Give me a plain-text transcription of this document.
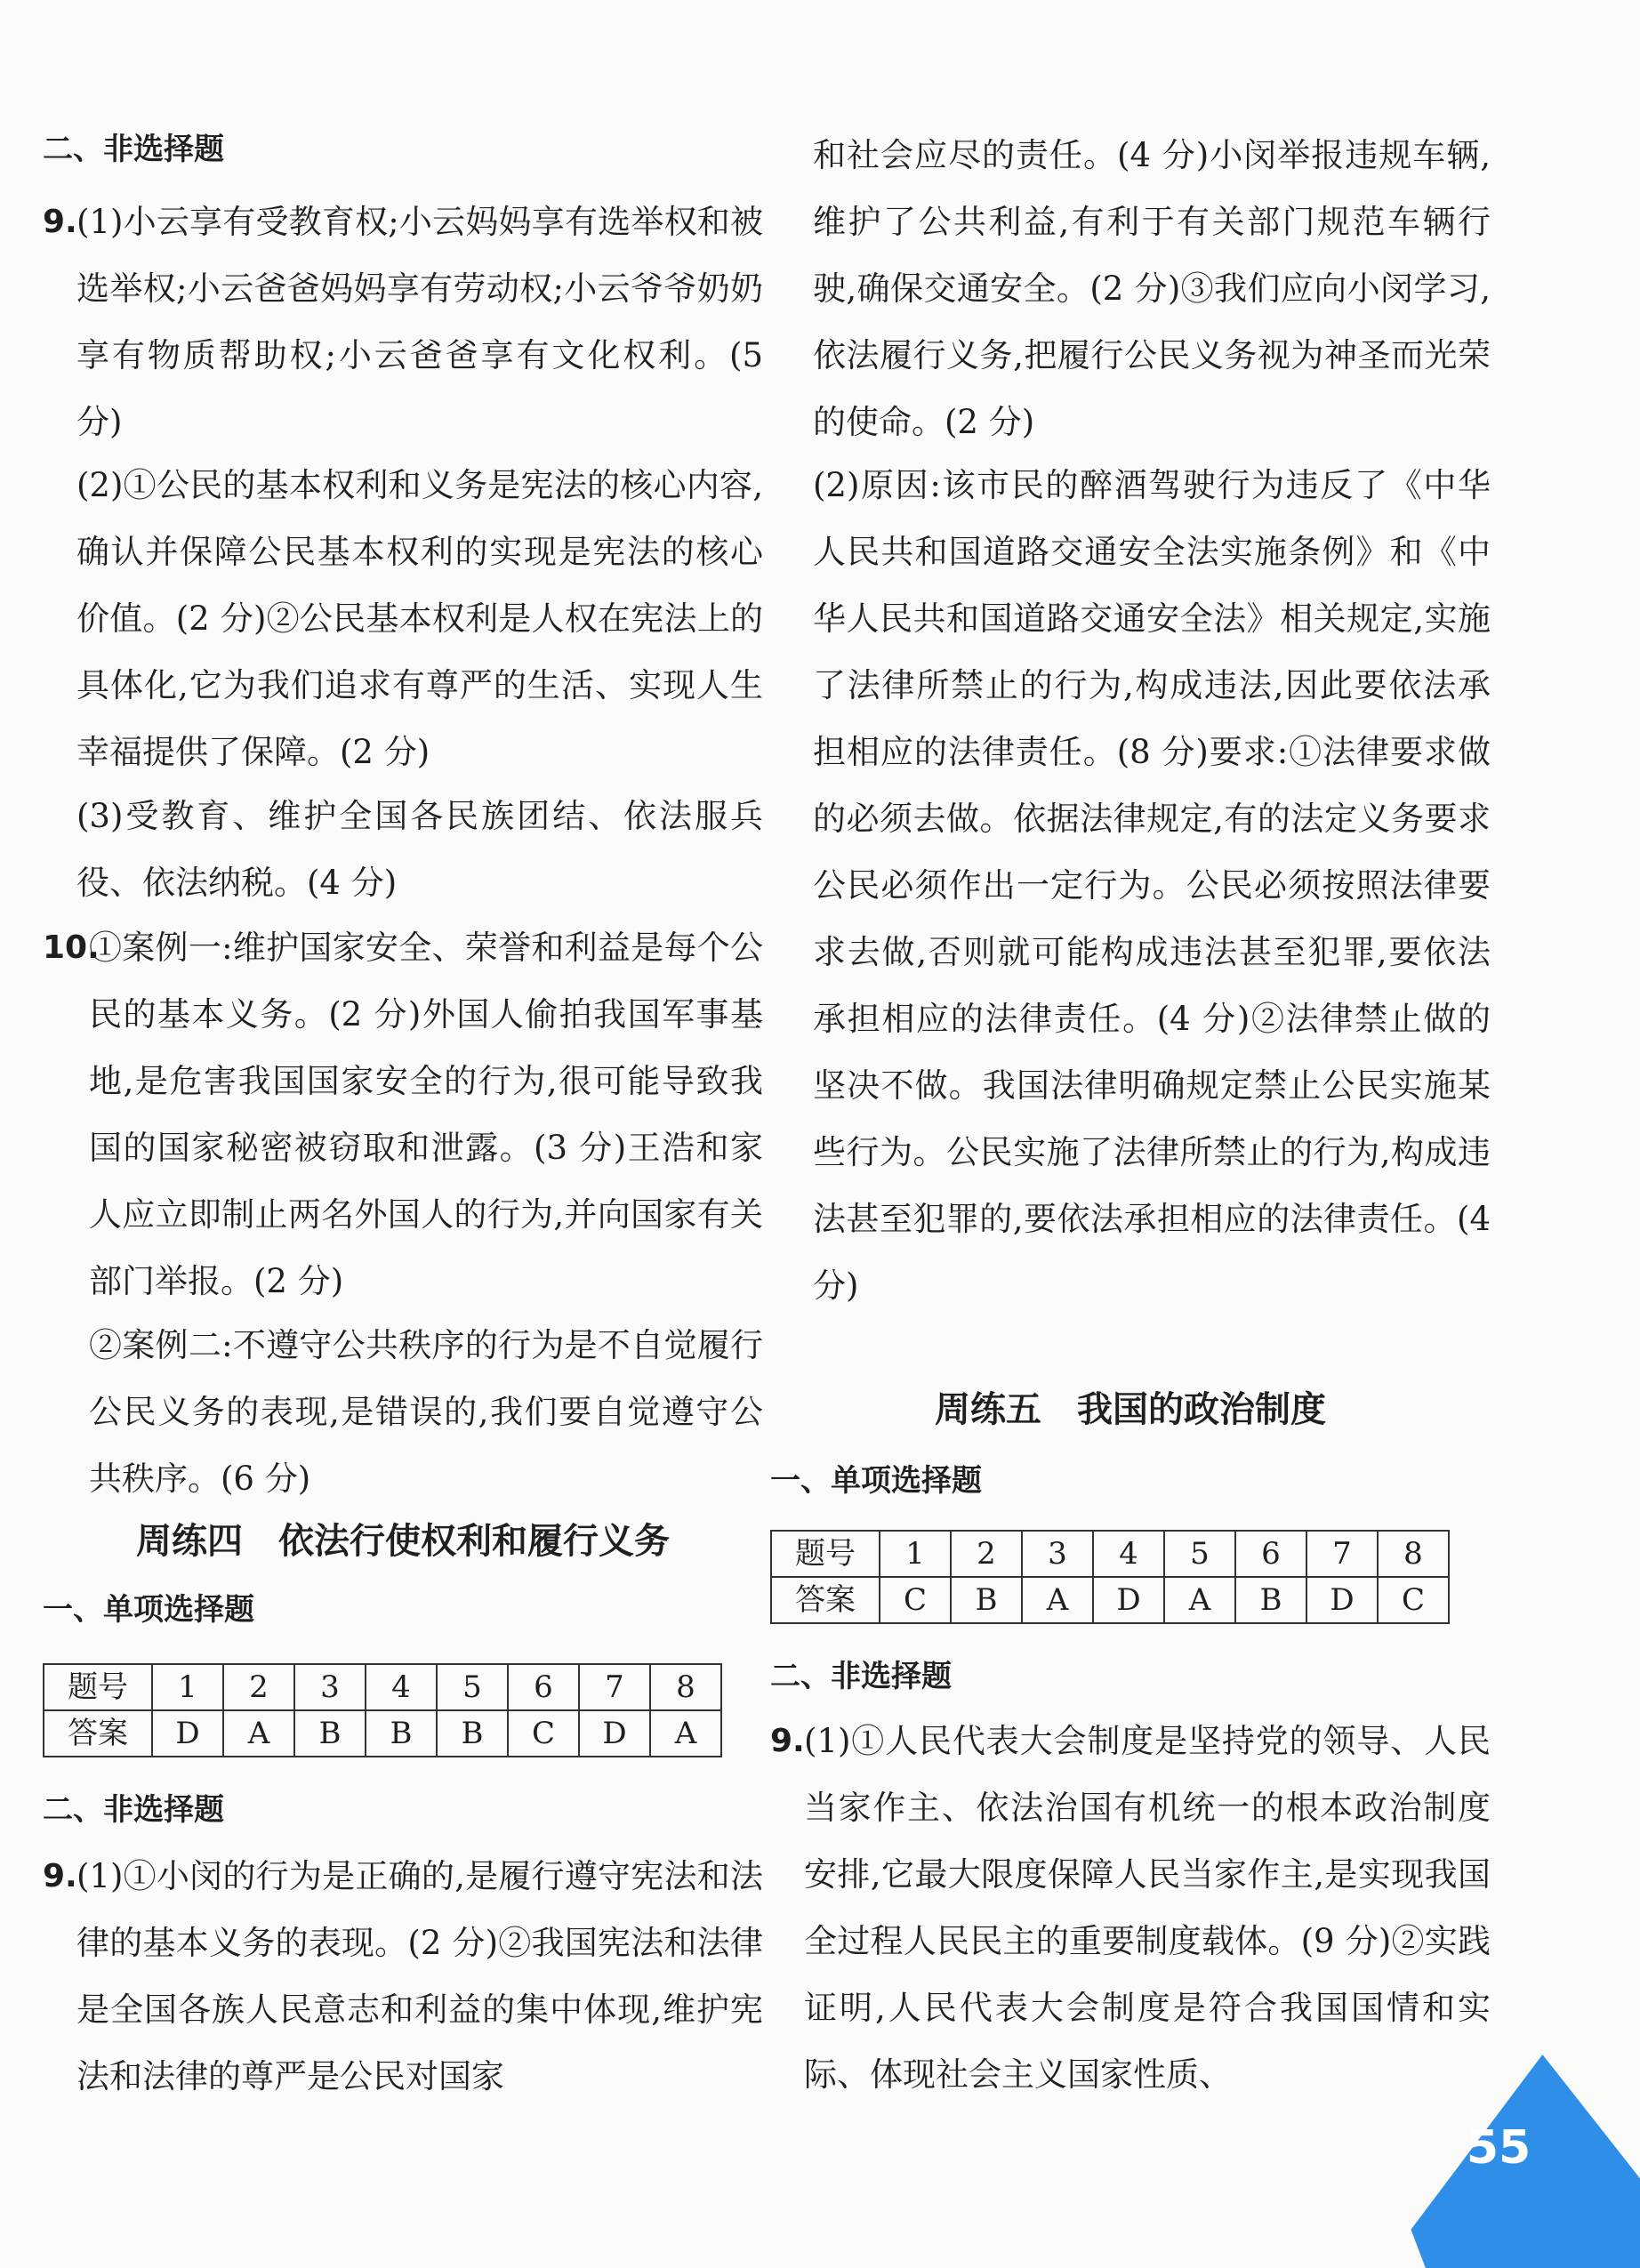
二、非选择题
9. (1)小云享有受教育权;小云妈妈享有选举权和被选举权;小云爸爸妈妈享有劳动权;小云爷爷奶奶享有物质帮助权;小云爸爸享有文化权利。(5 分)
(2)①公民的基本权利和义务是宪法的核心内容,确认并保障公民基本权利的实现是宪法的核心价值。(2 分)②公民基本权利是人权在宪法上的具体化,它为我们追求有尊严的生活、实现人生幸福提供了保障。(2 分)
(3)受教育、维护全国各民族团结、依法服兵役、依法纳税。(4 分)
10.
①案例一:维护国家安全、荣誉和利益是每个公民的基本义务。(2 分)外国人偷拍我国军事基地,是危害我国国家安全的行为,很可能导致我国的国家秘密被窃取和泄露。(3 分)王浩和家人应立即制止两名外国人的行为,并向国家有关部门举报。(2 分)
②案例二:不遵守公共秩序的行为是不自觉履行公民义务的表现,是错误的,我们要自觉遵守公共秩序。(6 分)
周练四　依法行使权利和履行义务
一、单项选择题
题号	1	2	3	4	5	6	7	8
答案	D	A	B	B	B	C	D	A
二、非选择题
9. (1)①小闵的行为是正确的,是履行遵守宪法和法律的基本义务的表现。(2 分)②我国宪法和法律是全国各族人民意志和利益的集中体现,维护宪法和法律的尊严是公民对国家
和社会应尽的责任。(4 分)小闵举报违规车辆,维护了公共利益,有利于有关部门规范车辆行驶,确保交通安全。(2 分)③我们应向小闵学习,依法履行义务,把履行公民义务视为神圣而光荣的使命。(2 分)
(2)原因:该市民的醉酒驾驶行为违反了《中华人民共和国道路交通安全法实施条例》和《中华人民共和国道路交通安全法》相关规定,实施了法律所禁止的行为,构成违法,因此要依法承担相应的法律责任。(8 分)要求:①法律要求做的必须去做。依据法律规定,有的法定义务要求公民必须作出一定行为。公民必须按照法律要求去做,否则就可能构成违法甚至犯罪,要依法承担相应的法律责任。(4 分)②法律禁止做的坚决不做。我国法律明确规定禁止公民实施某些行为。公民实施了法律所禁止的行为,构成违法甚至犯罪的,要依法承担相应的法律责任。(4 分)
周练五　我国的政治制度
一、单项选择题
题号	1	2	3	4	5	6	7	8
答案	C	B	A	D	A	B	D	C
二、非选择题
9. (1)①人民代表大会制度是坚持党的领导、人民当家作主、依法治国有机统一的根本政治制度安排,它最大限度保障人民当家作主,是实现我国全过程人民民主的重要制度载体。(9 分)②实践证明,人民代表大会制度是符合我国国情和实际、体现社会主义国家性质、
55
